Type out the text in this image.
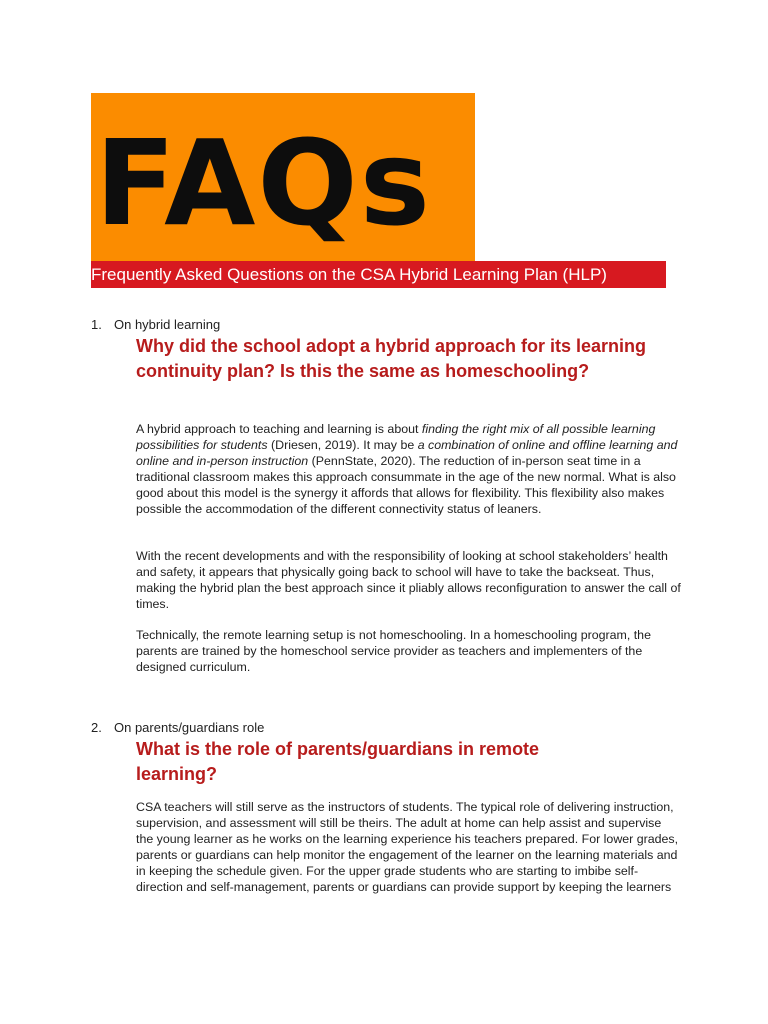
FAQs
Frequently Asked Questions on the CSA Hybrid Learning Plan (HLP)
1. On hybrid learning
Why did the school adopt a hybrid approach for its learning continuity plan? Is this the same as homeschooling?
A hybrid approach to teaching and learning is about finding the right mix of all possible learning possibilities for students (Driesen, 2019). It may be a combination of online and offline learning and online and in-person instruction (PennState, 2020). The reduction of in-person seat time in a traditional classroom makes this approach consummate in the age of the new normal. What is also good about this model is the synergy it affords that allows for flexibility. This flexibility also makes possible the accommodation of the different connectivity status of leaners.
With the recent developments and with the responsibility of looking at school stakeholders’ health and safety, it appears that physically going back to school will have to take the backseat. Thus, making the hybrid plan the best approach since it pliably allows reconfiguration to answer the call of times.
Technically, the remote learning setup is not homeschooling. In a homeschooling program, the parents are trained by the homeschool service provider as teachers and implementers of the designed curriculum.
2. On parents/guardians role
What is the role of parents/guardians in remote learning?
CSA teachers will still serve as the instructors of students. The typical role of delivering instruction, supervision, and assessment will still be theirs. The adult at home can help assist and supervise the young learner as he works on the learning experience his teachers prepared. For lower grades, parents or guardians can help monitor the engagement of the learner on the learning materials and in keeping the schedule given. For the upper grade students who are starting to imbibe self-direction and self-management, parents or guardians can provide support by keeping the learners
